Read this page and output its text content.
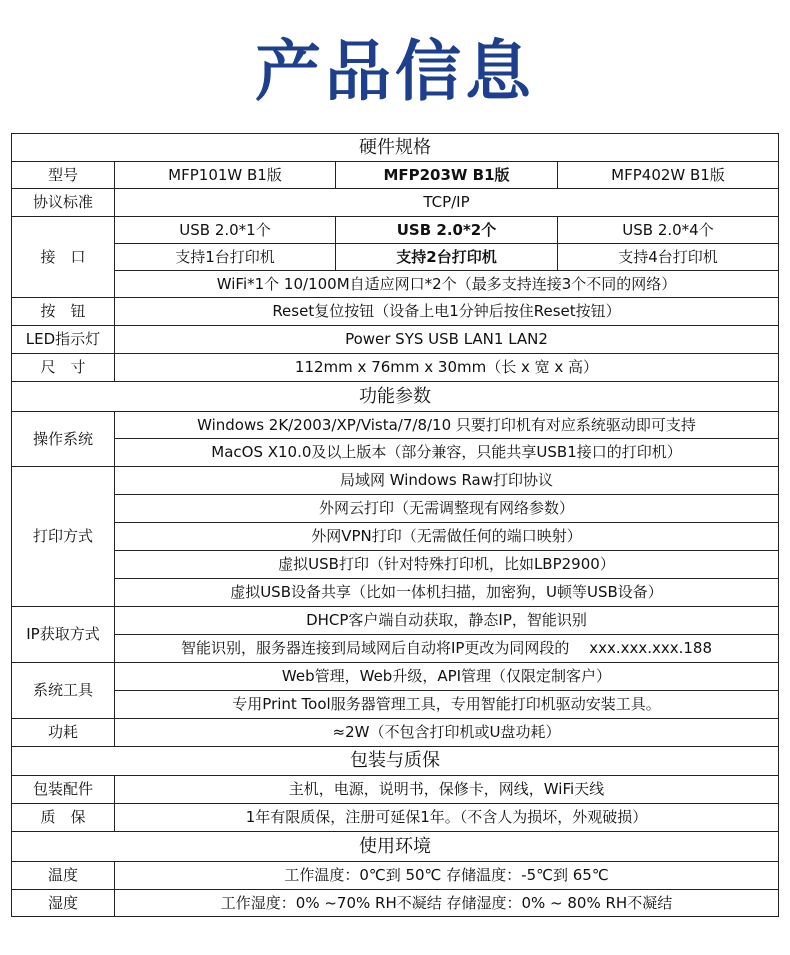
产品信息
硬件规格			
型号	MFP101W B1版	MFP203W B1版	MFP402W B1版
协议标准	TCP/IP		
接　口	USB 2.0*1个	USB 2.0*2个	USB 2.0*4个
	支持1台打印机	支持2台打印机	支持4台打印机
	WiFi*1个 10/100M自适应网口*2个（最多支持连接3个不同的网络）		
按　钮	Reset复位按钮（设备上电1分钟后按住Reset按钮）		
LED指示灯	Power SYS USB LAN1 LAN2		
尺　寸	112mm x 76mm x 30mm（长 x 宽 x 高）		
功能参数			
操作系统	Windows 2K/2003/XP/Vista/7/8/10 只要打印机有对应系统驱动即可支持		
	MacOS X10.0及以上版本（部分兼容，只能共享USB1接口的打印机）		
打印方式	局域网 Windows Raw打印协议		
	外网云打印（无需调整现有网络参数）		
	外网VPN打印（无需做任何的端口映射）		
	虚拟USB打印（针对特殊打印机，比如LBP2900）		
	虚拟USB设备共享（比如一体机扫描，加密狗，U顿等USB设备）		
IP获取方式	DHCP客户端自动获取，静态IP，智能识别		
	智能识别，服务器连接到局域网后自动将IP更改为同网段的　 xxx.xxx.xxx.188		
系统工具	Web管理，Web升级，API管理（仅限定制客户）		
	专用Print Tool服务器管理工具，专用智能打印机驱动安装工具。		
功耗	≈2W（不包含打印机或U盘功耗）		
包装与质保			
包装配件	主机，电源，说明书，保修卡，网线，WiFi天线		
质　保	1年有限质保，注册可延保1年。（不含人为损坏，外观破损）		
使用环境			
温度	工作温度：0℃到 50℃ 存储温度：-5℃到 65℃		
湿度	工作湿度：0% ~70% RH不凝结 存储湿度：0% ~ 80% RH不凝结		
